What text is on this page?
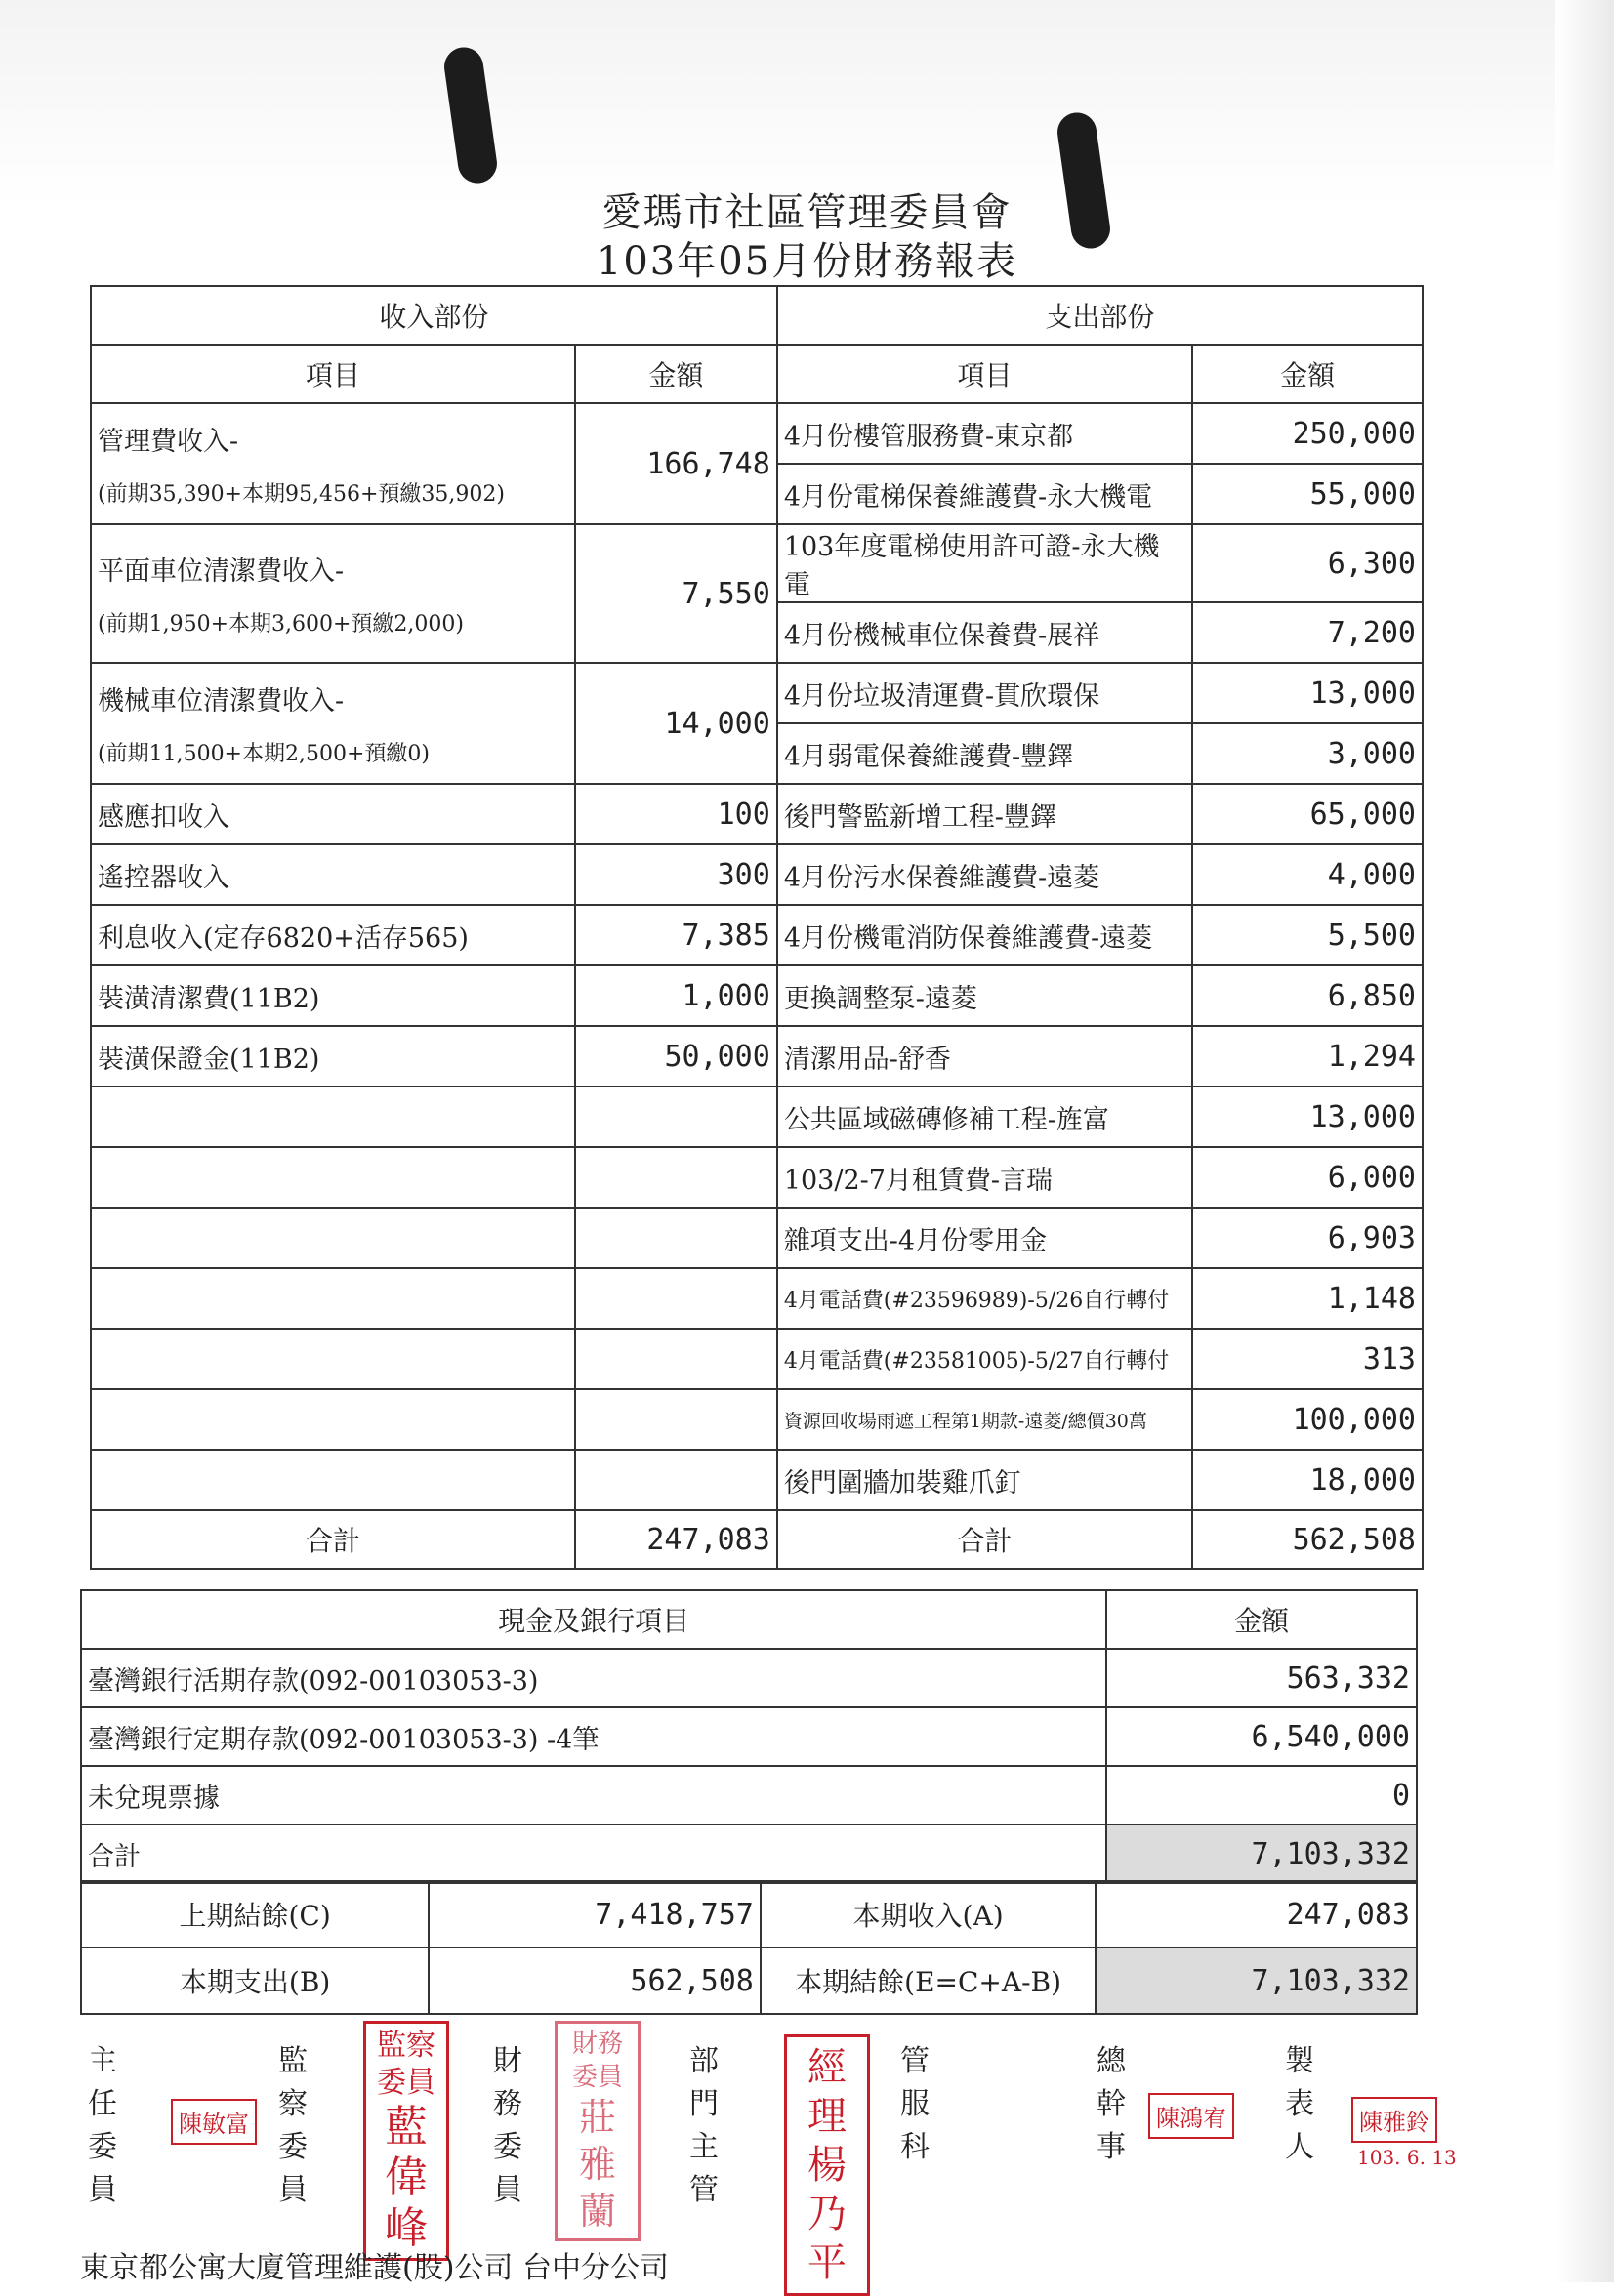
愛瑪市社區管理委員會
103年05月份財務報表
收入部份		支出部份	
項目	金額	項目	金額
管理費收入-
(前期35,390+本期95,456+預繳35,902)	166,748	4月份樓管服務費-東京都	250,000
		4月份電梯保養維護費-永大機電	55,000
平面車位清潔費收入-
(前期1,950+本期3,600+預繳2,000)	7,550	103年度電梯使用許可證-永大機電	6,300
		4月份機械車位保養費-展祥	7,200
機械車位清潔費收入-
(前期11,500+本期2,500+預繳0)	14,000	4月份垃圾清運費-貫欣環保	13,000
		4月弱電保養維護費-豐鐸	3,000
感應扣收入	100	後門警監新增工程-豐鐸	65,000
遙控器收入	300	4月份污水保養維護費-遠菱	4,000
利息收入(定存6820+活存565)	7,385	4月份機電消防保養維護費-遠菱	5,500
裝潢清潔費(11B2)	1,000	更換調整泵-遠菱	6,850
裝潢保證金(11B2)	50,000	清潔用品-舒香	1,294
		公共區域磁磚修補工程-旌富	13,000
		103/2-7月租賃費-言瑞	6,000
		雜項支出-4月份零用金	6,903
		4月電話費(#23596989)-5/26自行轉付	1,148
		4月電話費(#23581005)-5/27自行轉付	313
		資源回收場雨遮工程第1期款-遠菱/總價30萬	100,000
		後門圍牆加裝雞爪釘	18,000
合計	247,083	合計	562,508
現金及銀行項目	金額
臺灣銀行活期存款(092-00103053-3)	563,332
臺灣銀行定期存款(092-00103053-3) -4筆	6,540,000
未兌現票據	0
合計	7,103,332
上期結餘(C)	7,418,757	本期收入(A)	247,083
本期支出(B)	562,508	本期結餘(E=C+A-B)	7,103,332
主任委員
陳敏富
監察委員
監察委員
藍偉峰
財務委員
財務委員
莊雅蘭
部門主管
經理楊乃平
管服科
總幹事
陳鴻宥
製表人
陳雅鈴
103. 6. 13
東京都公寓大廈管理維護(股)公司 台中分公司
